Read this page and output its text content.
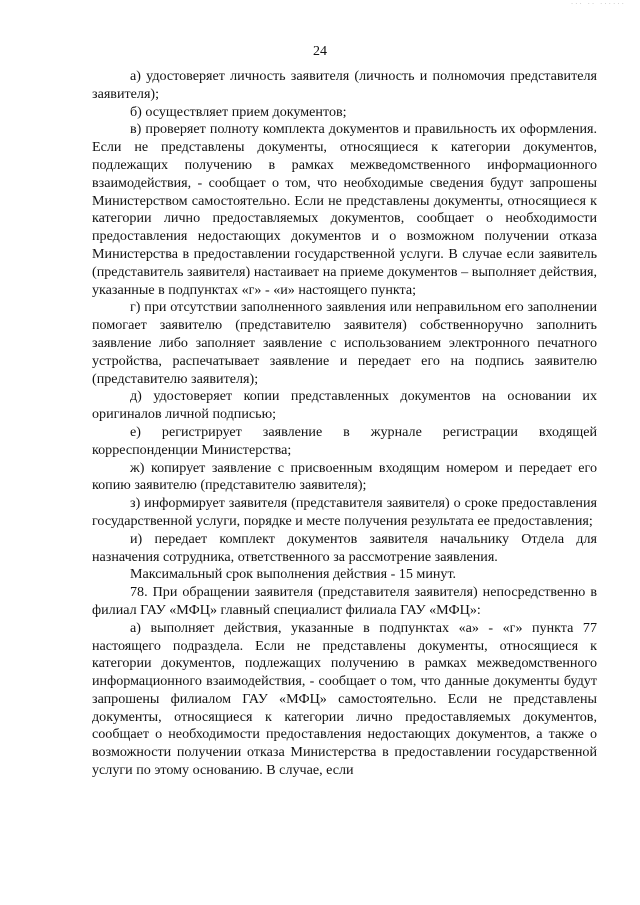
··· ·· ······
24

а) удостоверяет личность заявителя (личность и полномочия представителя заявителя);

б) осуществляет прием документов;

в) проверяет полноту комплекта документов и правильность их оформления. Если не представлены документы, относящиеся к категории документов, подлежащих получению в рамках межведомственного информационного взаимодействия, - сообщает о том, что необходимые сведения будут запрошены Министерством самостоятельно. Если не представлены документы, относящиеся к категории лично предоставляемых документов, сообщает о необходимости предоставления недостающих документов и о возможном получении отказа Министерства в предоставлении государственной услуги. В случае если заявитель (представитель заявителя) настаивает на приеме документов – выполняет действия, указанные в подпунктах «г» - «и» настоящего пункта;

г) при отсутствии заполненного заявления или неправильном его заполнении помогает заявителю (представителю заявителя) собственноручно заполнить заявление либо заполняет заявление с использованием электронного печатного устройства, распечатывает заявление и передает его на подпись заявителю (представителю заявителя);

д) удостоверяет копии представленных документов на основании их оригиналов личной подписью;

е) регистрирует заявление в журнале регистрации входящей корреспонденции Министерства;

ж) копирует заявление с присвоенным входящим номером и передает его копию заявителю (представителю заявителя);

з) информирует заявителя (представителя заявителя) о сроке предоставления государственной услуги, порядке и месте получения результата ее предоставления;

и) передает комплект документов заявителя начальнику Отдела для назначения сотрудника, ответственного за рассмотрение заявления.

Максимальный срок выполнения действия - 15 минут.

78. При обращении заявителя (представителя заявителя) непосредственно в филиал ГАУ «МФЦ» главный специалист филиала ГАУ «МФЦ»:

а) выполняет действия, указанные в подпунктах «а» - «г» пункта 77 настоящего подраздела. Если не представлены документы, относящиеся к категории документов, подлежащих получению в рамках межведомственного информационного взаимодействия, - сообщает о том, что данные документы будут запрошены филиалом ГАУ «МФЦ» самостоятельно. Если не представлены документы, относящиеся к категории лично предоставляемых документов, сообщает о необходимости предоставления недостающих документов, а также о возможности получении отказа Министерства в предоставлении государственной услуги по этому основанию. В случае, если
